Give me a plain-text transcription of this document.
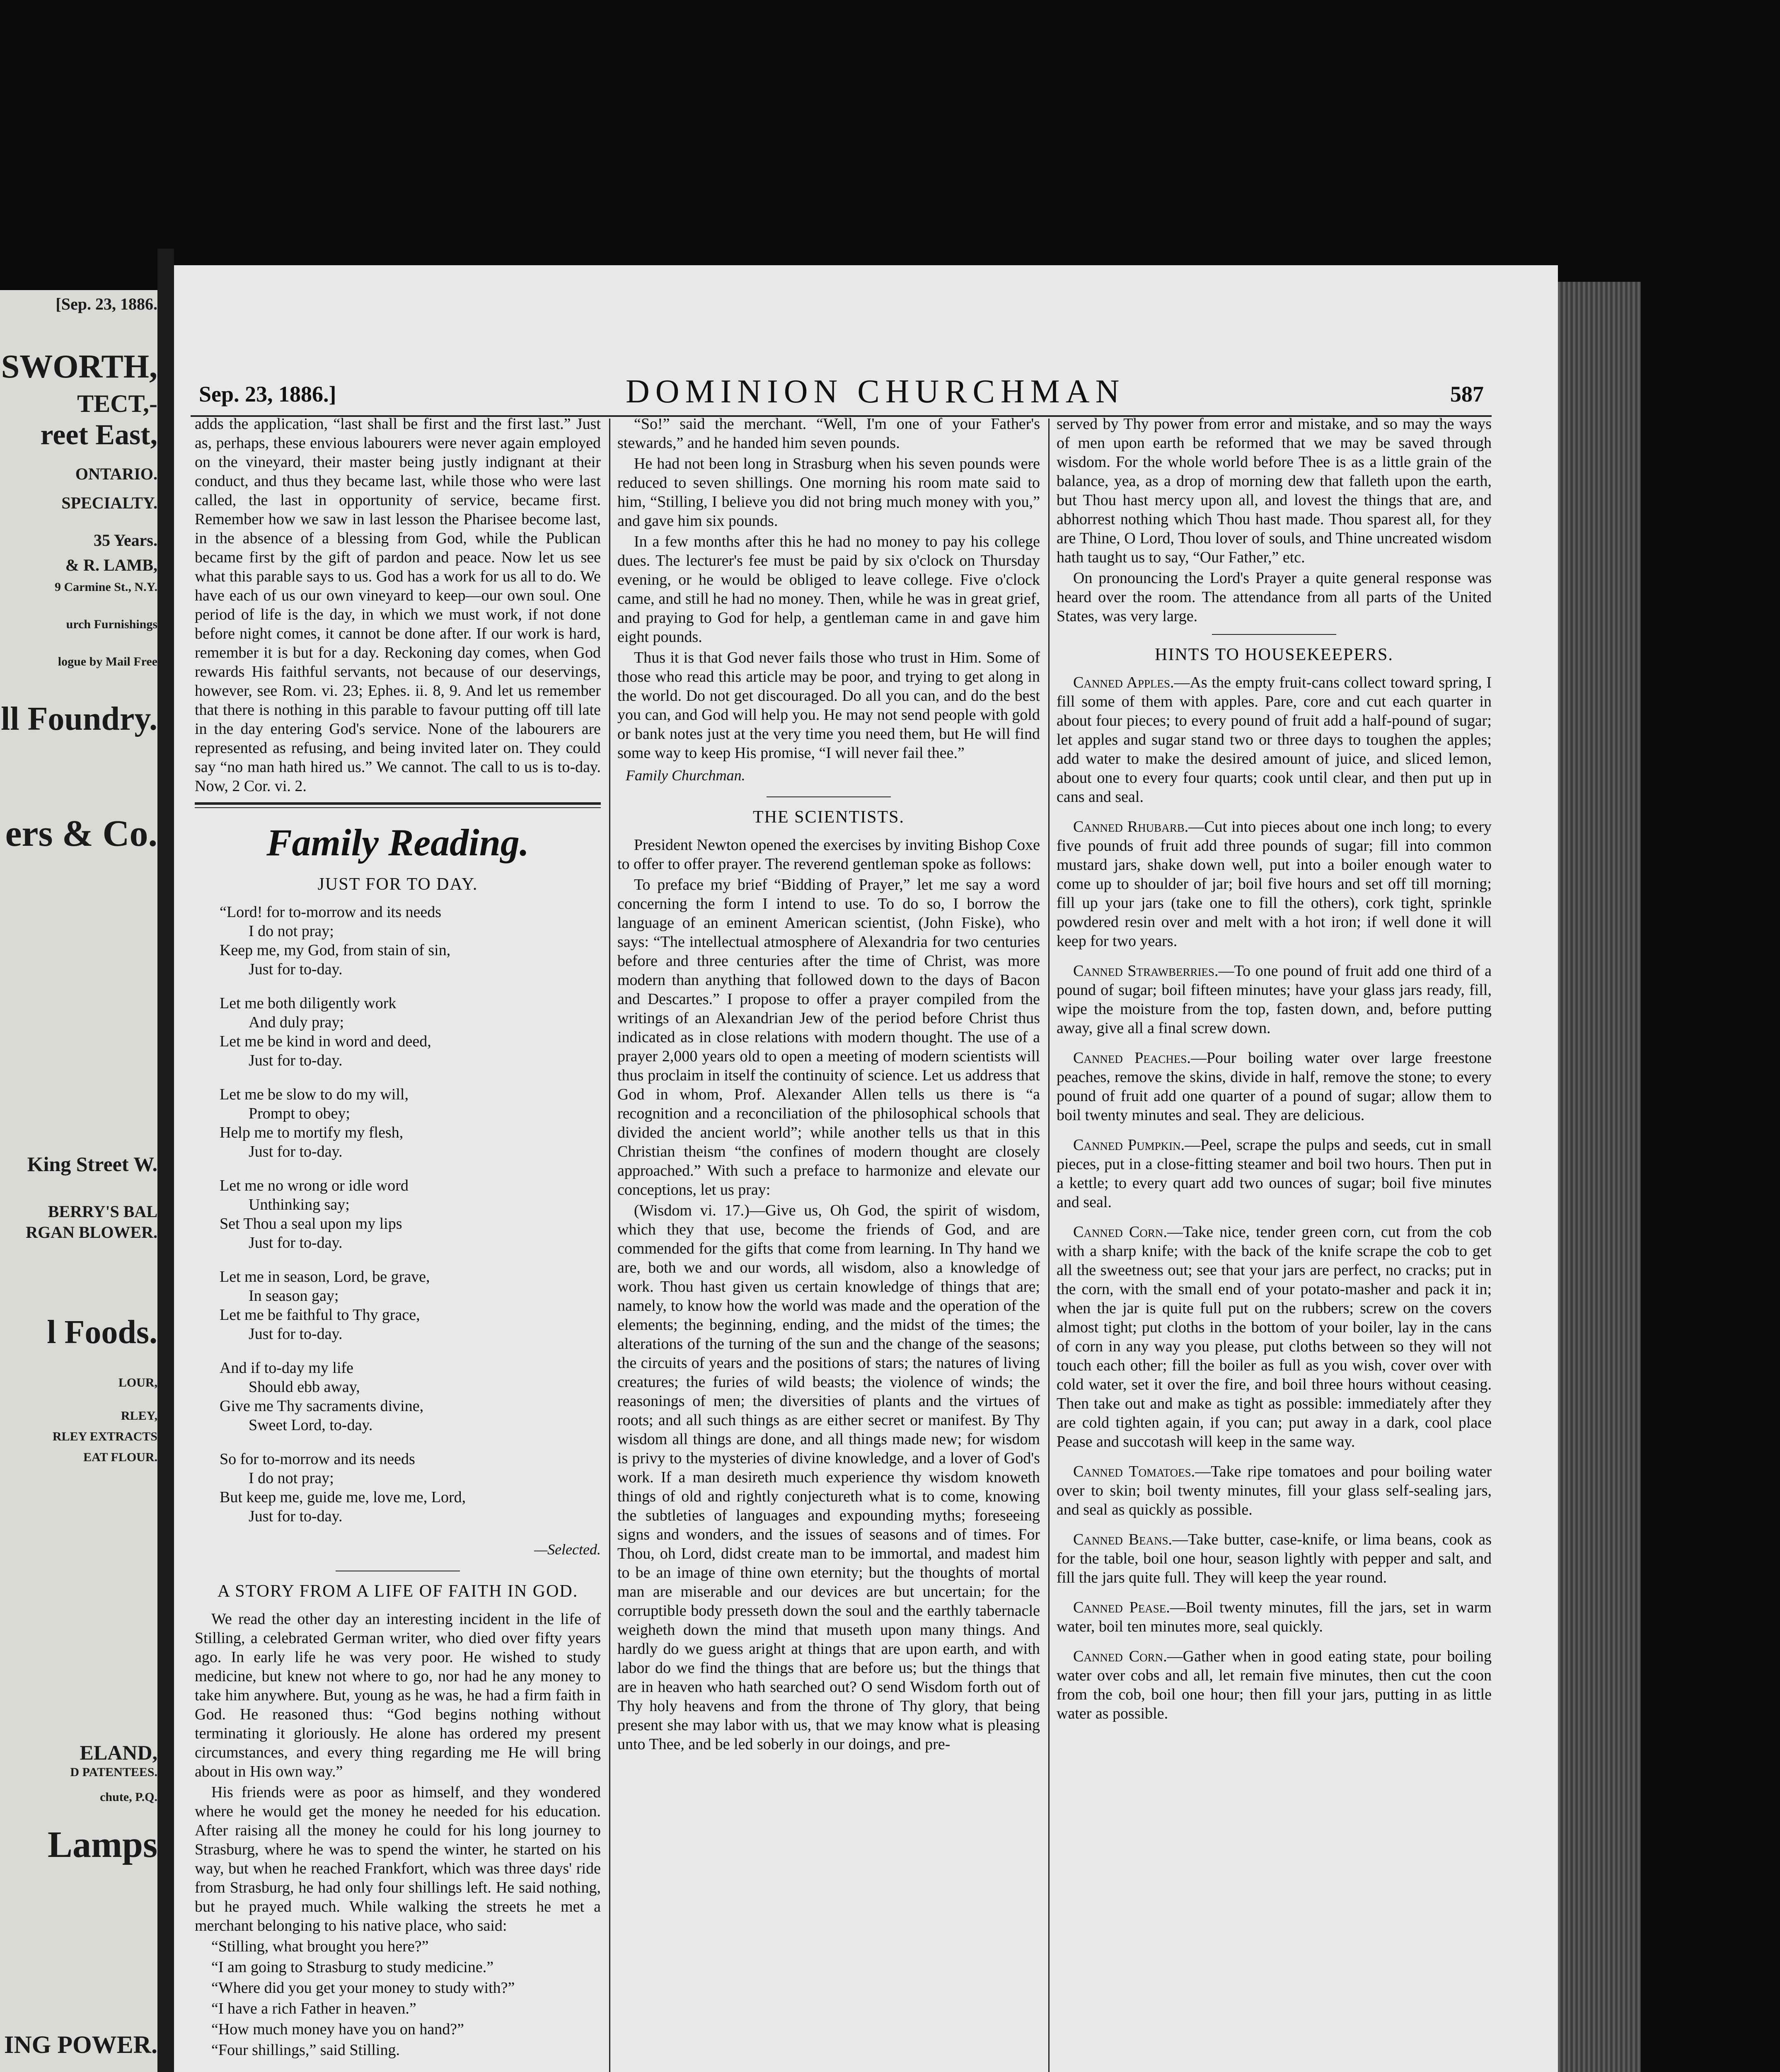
[Sep. 23, 1886.
SWORTH,
TECT,-
reet East,
ONTARIO.
SPECIALTY.
35 Years.
& R. LAMB,
9 Carmine St., N.Y.
urch Furnishings
logue by Mail Free
ll Foundry.
ers & Co.
King Street W.
BERRY'S BAL
RGAN BLOWER.
l Foods.
LOUR,
RLEY,
RLEY EXTRACTS
EAT FLOUR.
ELAND,
D PATENTEES.
chute, P.Q.
Lamps
ING POWER.
Sep. 23, 1886.]	DOMINION CHURCHMAN	587

adds the application, “last shall be first and the first last.” Just as, perhaps, these envious labourers were never again employed on the vineyard, their master being justly indignant at their conduct, and thus they became last, while those who were last called, the last in opportunity of service, became first. Remember how we saw in last lesson the Pharisee become last, in the absence of a blessing from God, while the Publican became first by the gift of pardon and peace. Now let us see what this parable says to us. God has a work for us all to do. We have each of us our own vineyard to keep—our own soul. One period of life is the day, in which we must work, if not done before night comes, it cannot be done after. If our work is hard, remember it is but for a day. Reckoning day comes, when God rewards His faithful servants, not because of our deservings, however, see Rom. vi. 23; Ephes. ii. 8, 9. And let us remember that there is nothing in this parable to favour putting off till late in the day entering God's service. None of the labourers are represented as refusing, and being invited later on. They could say “no man hath hired us.” We cannot. The call to us is to-day. Now, 2 Cor. vi. 2.

Family Reading.
JUST FOR TO DAY.

“Lord! for to-morrow and its needs

I do not pray;

Keep me, my God, from stain of sin,

Just for to-day.

Let me both diligently work

And duly pray;

Let me be kind in word and deed,

Just for to-day.

Let me be slow to do my will,

Prompt to obey;

Help me to mortify my flesh,

Just for to-day.

Let me no wrong or idle word

Unthinking say;

Set Thou a seal upon my lips

Just for to-day.

Let me in season, Lord, be grave,

In season gay;

Let me be faithful to Thy grace,

Just for to-day.

And if to-day my life

Should ebb away,

Give me Thy sacraments divine,

Sweet Lord, to-day.

So for to-morrow and its needs

I do not pray;

But keep me, guide me, love me, Lord,

Just for to-day.

—Selected.
A STORY FROM A LIFE OF FAITH IN GOD.

We read the other day an interesting incident in the life of Stilling, a celebrated German writer, who died over fifty years ago. In early life he was very poor. He wished to study medicine, but knew not where to go, nor had he any money to take him anywhere. But, young as he was, he had a firm faith in God. He reasoned thus: “God begins nothing without terminating it gloriously. He alone has ordered my present circumstances, and every thing regarding me He will bring about in His own way.”

His friends were as poor as himself, and they wondered where he would get the money he needed for his education. After raising all the money he could for his long journey to Strasburg, where he was to spend the winter, he started on his way, but when he reached Frankfort, which was three days' ride from Strasburg, he had only four shillings left. He said nothing, but he prayed much. While walking the streets he met a merchant belonging to his native place, who said:

“Stilling, what brought you here?”

“I am going to Strasburg to study medicine.”

“Where did you get your money to study with?”

“I have a rich Father in heaven.”

“How much money have you on hand?”

“Four shillings,” said Stilling.

“So!” said the merchant. “Well, I'm one of your Father's stewards,” and he handed him seven pounds.

He had not been long in Strasburg when his seven pounds were reduced to seven shillings. One morning his room mate said to him, “Stilling, I believe you did not bring much money with you,” and gave him six pounds.

In a few months after this he had no money to pay his college dues. The lecturer's fee must be paid by six o'clock on Thursday evening, or he would be obliged to leave college. Five o'clock came, and still he had no money. Then, while he was in great grief, and praying to God for help, a gentleman came in and gave him eight pounds.

Thus it is that God never fails those who trust in Him. Some of those who read this article may be poor, and trying to get along in the world. Do not get discouraged. Do all you can, and do the best you can, and God will help you. He may not send people with gold or bank notes just at the very time you need them, but He will find some way to keep His promise, “I will never fail thee.”

Family Churchman.
THE SCIENTISTS.

President Newton opened the exercises by inviting Bishop Coxe to offer to offer prayer. The reverend gentleman spoke as follows:

To preface my brief “Bidding of Prayer,” let me say a word concerning the form I intend to use. To do so, I borrow the language of an eminent American scientist, (John Fiske), who says: “The intellectual atmosphere of Alexandria for two centuries before and three centuries after the time of Christ, was more modern than anything that followed down to the days of Bacon and Descartes.” I propose to offer a prayer compiled from the writings of an Alexandrian Jew of the period before Christ thus indicated as in close relations with modern thought. The use of a prayer 2,000 years old to open a meeting of modern scientists will thus proclaim in itself the continuity of science. Let us address that God in whom, Prof. Alexander Allen tells us there is “a recognition and a reconciliation of the philosophical schools that divided the ancient world”; while another tells us that in this Christian theism “the confines of modern thought are closely approached.” With such a preface to harmonize and elevate our conceptions, let us pray:

(Wisdom vi. 17.)—Give us, Oh God, the spirit of wisdom, which they that use, become the friends of God, and are commended for the gifts that come from learning. In Thy hand we are, both we and our words, all wisdom, also a knowledge of work. Thou hast given us certain knowledge of things that are; namely, to know how the world was made and the operation of the elements; the beginning, ending, and the midst of the times; the alterations of the turning of the sun and the change of the seasons; the circuits of years and the positions of stars; the natures of living creatures; the furies of wild beasts; the violence of winds; the reasonings of men; the diversities of plants and the virtues of roots; and all such things as are either secret or manifest. By Thy wisdom all things are done, and all things made new; for wisdom is privy to the mysteries of divine knowledge, and a lover of God's work. If a man desireth much experience thy wisdom knoweth things of old and rightly conjectureth what is to come, knowing the subtleties of languages and expounding myths; foreseeing signs and wonders, and the issues of seasons and of times. For Thou, oh Lord, didst create man to be immortal, and madest him to be an image of thine own eternity; but the thoughts of mortal man are miserable and our devices are but uncertain; for the corruptible body presseth down the soul and the earthly tabernacle weigheth down the mind that museth upon many things. And hardly do we guess aright at things that are upon earth, and with labor do we find the things that are before us; but the things that are in heaven who hath searched out? O send Wisdom forth out of Thy holy heavens and from the throne of Thy glory, that being present she may labor with us, that we may know what is pleasing unto Thee, and be led soberly in our doings, and pre-

served by Thy power from error and mistake, and so may the ways of men upon earth be reformed that we may be saved through wisdom. For the whole world before Thee is as a little grain of the balance, yea, as a drop of morning dew that falleth upon the earth, but Thou hast mercy upon all, and lovest the things that are, and abhorrest nothing which Thou hast made. Thou sparest all, for they are Thine, O Lord, Thou lover of souls, and Thine uncreated wisdom hath taught us to say, “Our Father,” etc.

On pronouncing the Lord's Prayer a quite general response was heard over the room. The attendance from all parts of the United States, was very large.

HINTS TO HOUSEKEEPERS.

Canned Apples.—As the empty fruit-cans collect toward spring, I fill some of them with apples. Pare, core and cut each quarter in about four pieces; to every pound of fruit add a half-pound of sugar; let apples and sugar stand two or three days to toughen the apples; add water to make the desired amount of juice, and sliced lemon, about one to every four quarts; cook until clear, and then put up in cans and seal.

Canned Rhubarb.—Cut into pieces about one inch long; to every five pounds of fruit add three pounds of sugar; fill into common mustard jars, shake down well, put into a boiler enough water to come up to shoulder of jar; boil five hours and set off till morning; fill up your jars (take one to fill the others), cork tight, sprinkle powdered resin over and melt with a hot iron; if well done it will keep for two years.

Canned Strawberries.—To one pound of fruit add one third of a pound of sugar; boil fifteen minutes; have your glass jars ready, fill, wipe the moisture from the top, fasten down, and, before putting away, give all a final screw down.

Canned Peaches.—Pour boiling water over large freestone peaches, remove the skins, divide in half, remove the stone; to every pound of fruit add one quarter of a pound of sugar; allow them to boil twenty minutes and seal. They are delicious.

Canned Pumpkin.—Peel, scrape the pulps and seeds, cut in small pieces, put in a close-fitting steamer and boil two hours. Then put in a kettle; to every quart add two ounces of sugar; boil five minutes and seal.

Canned Corn.—Take nice, tender green corn, cut from the cob with a sharp knife; with the back of the knife scrape the cob to get all the sweetness out; see that your jars are perfect, no cracks; put in the corn, with the small end of your potato-masher and pack it in; when the jar is quite full put on the rubbers; screw on the covers almost tight; put cloths in the bottom of your boiler, lay in the cans of corn in any way you please, put cloths between so they will not touch each other; fill the boiler as full as you wish, cover over with cold water, set it over the fire, and boil three hours without ceasing. Then take out and make as tight as possible: immediately after they are cold tighten again, if you can; put away in a dark, cool place Pease and succotash will keep in the same way.

Canned Tomatoes.—Take ripe tomatoes and pour boiling water over to skin; boil twenty minutes, fill your glass self-sealing jars, and seal as quickly as possible.

Canned Beans.—Take butter, case-knife, or lima beans, cook as for the table, boil one hour, season lightly with pepper and salt, and fill the jars quite full. They will keep the year round.

Canned Pease.—Boil twenty minutes, fill the jars, set in warm water, boil ten minutes more, seal quickly.

Canned Corn.—Gather when in good eating state, pour boiling water over cobs and all, let remain five minutes, then cut the coon from the cob, boil one hour; then fill your jars, putting in as little water as possible.
